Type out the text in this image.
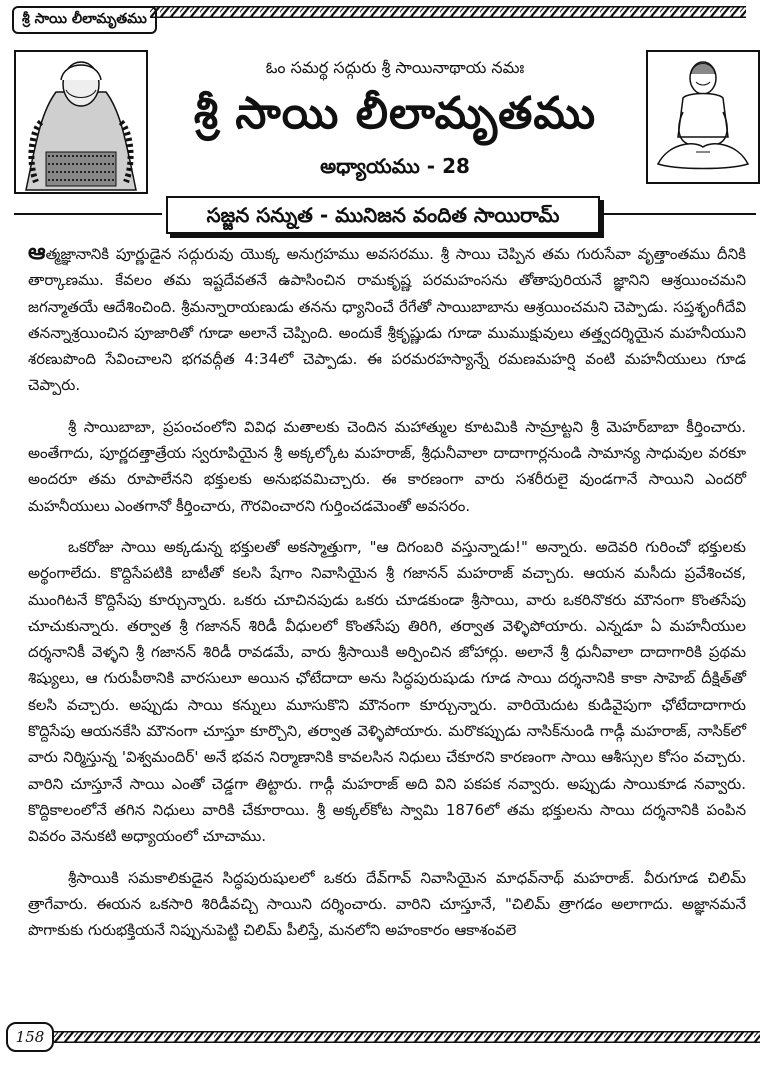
శ్రీ సాయి లీలామృతము
ఓం సమర్థ సద్గురు శ్రీ సాయినాథాయ నమః
శ్రీ సాయి లీలామృతము
అధ్యాయము - 28
సజ్జన సన్నుత - మునిజన వందిత సాయిరామ్

ఆత్మజ్ఞానానికి పూర్ణుడైన సద్గురువు యొక్క అనుగ్రహము అవసరము. శ్రీ సాయి చెప్పిన తమ గురుసేవా వృత్తాంతము దీనికి తార్కాణము. కేవలం తమ ఇష్టదేవతనే ఉపాసించిన రామకృష్ణ పరమహంసను తోతాపురియనే జ్ఞానిని ఆశ్రయించమని జగన్మాతయే ఆదేశించింది. శ్రీమన్నారాయణుడు తనను ధ్యానించే రేగేతో సాయిబాబాను ఆశ్రయించమని చెప్పాడు. సప్తశృంగీదేవి తనన్నాశ్రయించిన పూజారితో గూడా అలానే చెప్పింది. అందుకే శ్రీకృష్ణుడు గూడా ముముక్షువులు తత్త్వదర్శియైన మహనీయుని శరణుపొంది సేవించాలని భగవద్గీత 4:34లో చెప్పాడు. ఈ పరమరహస్యాన్నే రమణమహర్షి వంటి మహనీయులు గూడ చెప్పారు.

శ్రీ సాయిబాబా, ప్రపంచంలోని వివిధ మతాలకు చెందిన మహాత్ముల కూటమికి సామ్రాట్టని శ్రీ మెహర్‌బాబా కీర్తించారు. అంతేగాదు, పూర్ణదత్తాత్రేయ స్వరూపియైన శ్రీ అక్కల్కోట మహరాజ్, శ్రీధునీవాలా దాదాగార్లనుండి సామాన్య సాధువుల వరకూ అందరూ తమ రూపాలేనని భక్తులకు అనుభవమిచ్చారు. ఈ కారణంగా వారు సశరీరులై వుండగానే సాయిని ఎందరో మహనీయులు ఎంతగానో కీర్తించారు, గౌరవించారని గుర్తించడమెంతో అవసరం.

ఒకరోజు సాయి అక్కడున్న భక్తులతో అకస్మాత్తుగా, "ఆ దిగంబరి వస్తున్నాడు!" అన్నారు. అదెవరి గురించో భక్తులకు అర్థంగాలేదు. కొద్దిసేపటికి బాటీతో కలసి షేగాం నివాసియైన శ్రీ గజానన్ మహరాజ్ వచ్చారు. ఆయన మసీదు ప్రవేశించక, ముంగిటనే కొద్దిసేపు కూర్చున్నారు. ఒకరు చూచినపుడు ఒకరు చూడకుండా శ్రీసాయి, వారు ఒకరినొకరు మౌనంగా కొంతసేపు చూచుకున్నారు. తర్వాత శ్రీ గజానన్ శిరిడీ వీధులలో కొంతసేపు తిరిగి, తర్వాత వెళ్ళిపోయారు. ఎన్నడూ ఏ మహనీయుల దర్శనానికీ వెళ్ళని శ్రీ గజానన్ శిరిడీ రావడమే, వారు శ్రీసాయికి అర్పించిన జోహార్లు. అలానే శ్రీ ధునీవాలా దాదాగారికి ప్రథమ శిష్యులు, ఆ గురుపీఠానికి వారసులూ అయిన ఛోటేదాదా అను సిద్ధపురుషుడు గూడ సాయి దర్శనానికి కాకా సాహెబ్ దీక్షిత్‌తో కలసి వచ్చారు. అప్పుడు సాయి కన్నులు మూసుకొని మౌనంగా కూర్చున్నారు. వారియెదుట కుడివైపుగా ఛోటేదాదాగారు కొద్దిసేపు ఆయనకేసి మౌనంగా చూస్తూ కూర్చొని, తర్వాత వెళ్ళిపోయారు. మరొకప్పుడు నాసిక్‌నుండి గాడ్గీ మహరాజ్, నాసిక్‌లో వారు నిర్మిస్తున్న 'విశ్వమందిర్' అనే భవన నిర్మాణానికి కావలసిన నిధులు చేకూరని కారణంగా సాయి ఆశీస్సుల కోసం వచ్చారు. వారిని చూస్తూనే సాయి ఎంతో చెడ్డగా తిట్టారు. గాడ్గీ మహరాజ్ అది విని పకపక నవ్వారు. అప్పుడు సాయికూడ నవ్వారు. కొద్దికాలంలోనే తగిన నిధులు వారికి చేకూరాయి. శ్రీ అక్కల్‌కోట స్వామి 1876లో తమ భక్తులను సాయి దర్శనానికి పంపిన వివరం వెనుకటి అధ్యాయంలో చూచాము.

శ్రీసాయికి సమకాలికుడైన సిద్ధపురుషులలో ఒకరు దేవ్‌గావ్ నివాసియైన మాధవ్‌నాథ్ మహరాజ్. వీరుగూడ చిలిమ్ త్రాగేవారు. ఈయన ఒకసారి శిరిడీవచ్చి సాయిని దర్శించారు. వారిని చూస్తూనే, "చిలిమ్ త్రాగడం అలాగాదు. అజ్ఞానమనే పొగాకుకు గురుభక్తియనే నిప్పునుపెట్టి చిలిమ్ పీలిస్తే, మనలోని అహంకారం ఆకాశంవలె

158
